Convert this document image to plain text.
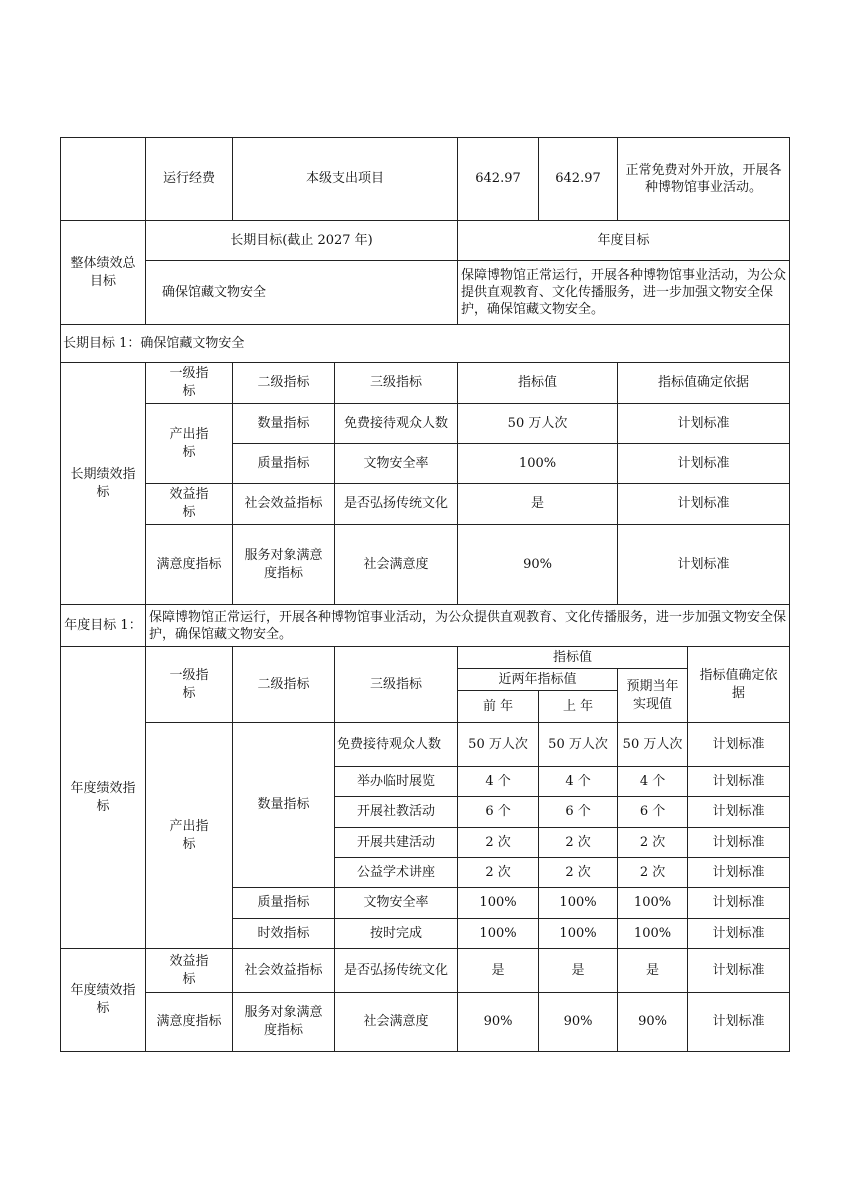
	运行经费	本级支出项目		642.97	642.97	正常免费对外开放，开展各种博物馆事业活动。	
整体绩效总目标	长期目标(截止 2027 年)			年度目标			
	确保馆藏文物安全			保障博物馆正常运行，开展各种博物馆事业活动，为公众提供直观教育、文化传播服务，进一步加强文物安全保护，确保馆藏文物安全。			
长期目标 1：确保馆藏文物安全							
长期绩效指标	一级指标	二级指标	三级指标	指标值		指标值确定依据	
	产出指标	数量指标	免费接待观众人数	50 万人次		计划标准	
		质量指标	文物安全率	100%		计划标准	
	效益指标	社会效益指标	是否弘扬传统文化	是		计划标准	
	满意度指标	服务对象满意度指标	社会满意度	90%		计划标准	
年度目标 1：	保障博物馆正常运行，开展各种博物馆事业活动，为公众提供直观教育、文化传播服务，进一步加强文物安全保护，确保馆藏文物安全。						
年度绩效指标	一级指标	二级指标	三级指标	指标值			指标值确定依据
				近两年指标值		预期当年实现值	
				前 年	上 年		
	产出指标	数量指标	免费接待观众人数	50 万人次	50 万人次	50 万人次	计划标准
			举办临时展览	4 个	4 个	4 个	计划标准
			开展社教活动	6 个	6 个	6 个	计划标准
			开展共建活动	2 次	2 次	2 次	计划标准
			公益学术讲座	2 次	2 次	2 次	计划标准
		质量指标	文物安全率	100%	100%	100%	计划标准
		时效指标	按时完成	100%	100%	100%	计划标准
年度绩效指标	效益指标	社会效益指标	是否弘扬传统文化	是	是	是	计划标准
	满意度指标	服务对象满意度指标	社会满意度	90%	90%	90%	计划标准
